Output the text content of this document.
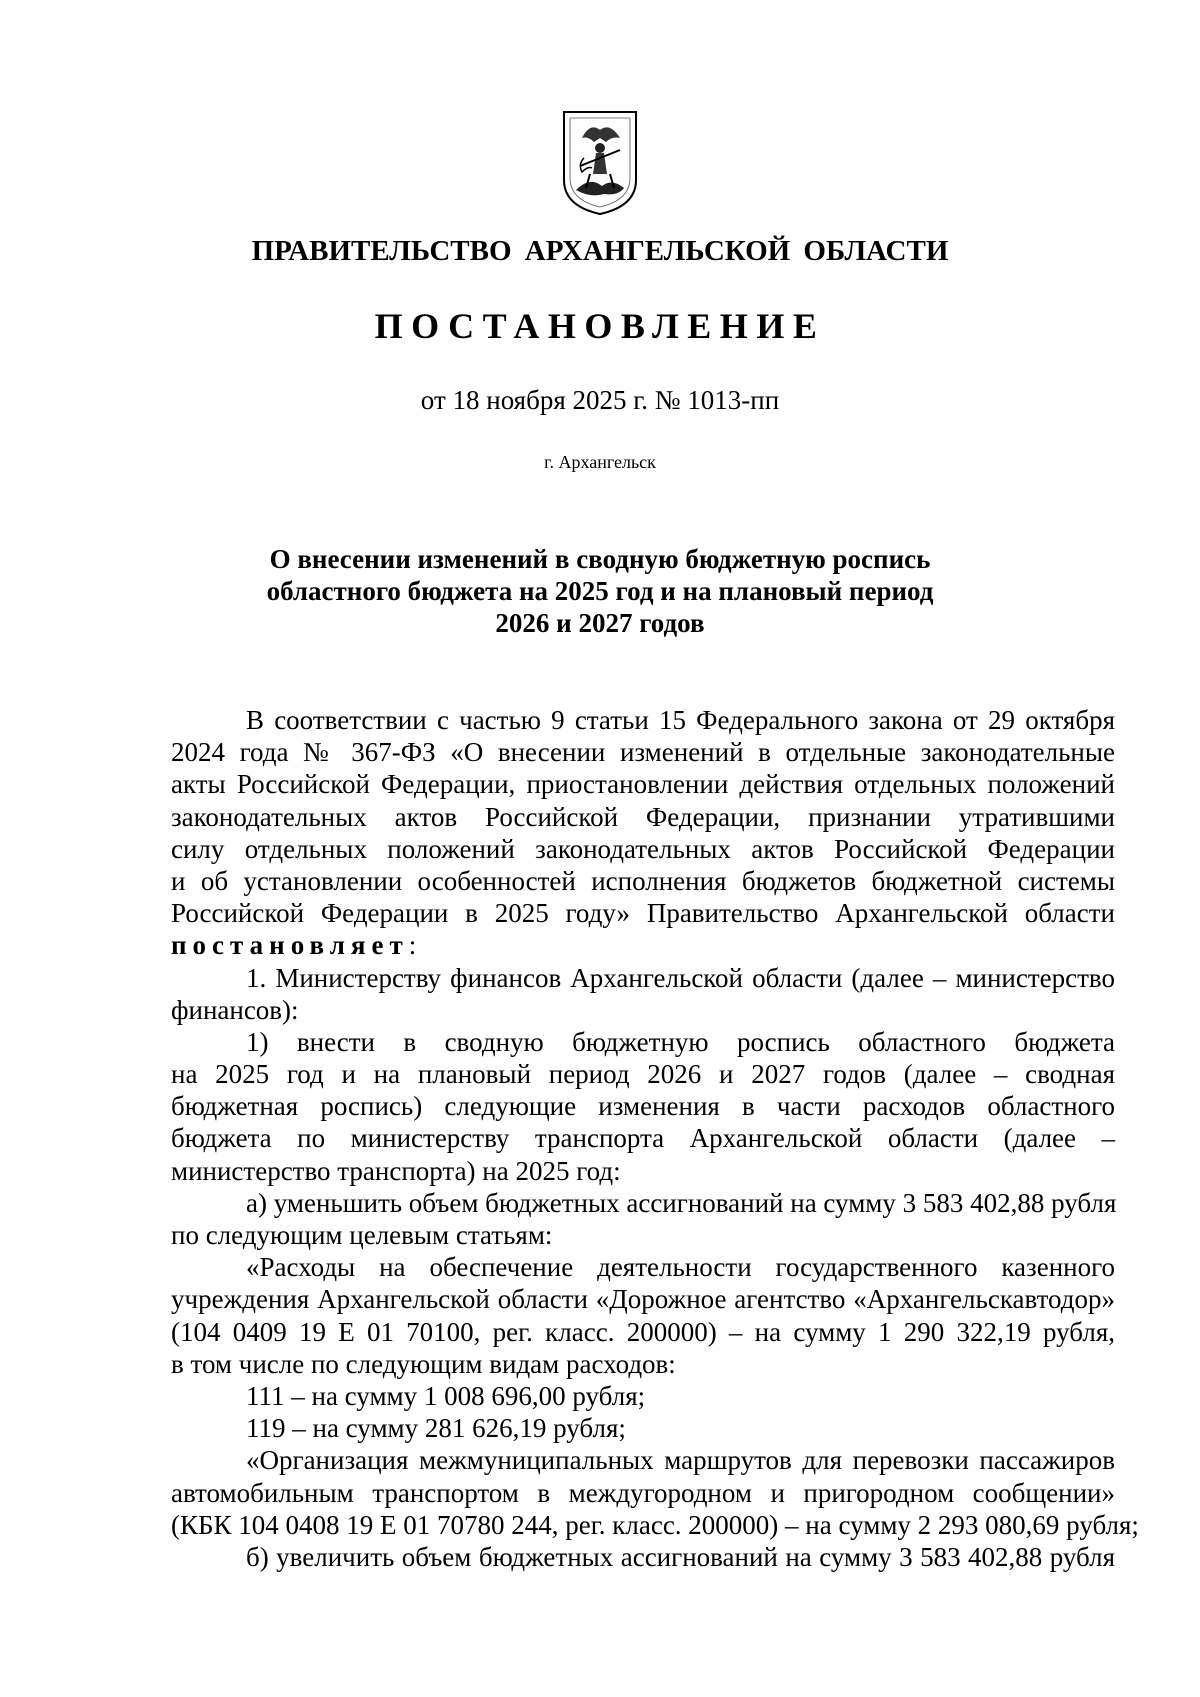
ПРАВИТЕЛЬСТВО АРХАНГЕЛЬСКОЙ ОБЛАСТИ
ПОСТАНОВЛЕНИЕ
от 18 ноября 2025 г. № 1013-пп
г. Архангельск
О внесении изменений в сводную бюджетную роспись
областного бюджета на 2025 год и на плановый период
2026 и 2027 годов
В соответствии с частью 9 статьи 15 Федерального закона от 29 октября
2024 года № 367-ФЗ «О внесении изменений в отдельные законодательные
акты Российской Федерации, приостановлении действия отдельных положений
законодательных актов Российской Федерации, признании утратившими
силу отдельных положений законодательных актов Российской Федерации
и об установлении особенностей исполнения бюджетов бюджетной системы
Российской Федерации в 2025 году» Правительство Архангельской области
постановляет:
1. Министерству финансов Архангельской области (далее – министерство
финансов):
1) внести в сводную бюджетную роспись областного бюджета
на 2025 год и на плановый период 2026 и 2027 годов (далее – сводная
бюджетная роспись) следующие изменения в части расходов областного
бюджета по министерству транспорта Архангельской области (далее –
министерство транспорта) на 2025 год:
а) уменьшить объем бюджетных ассигнований на сумму 3 583 402,88 рубля
по следующим целевым статьям:
«Расходы на обеспечение деятельности государственного казенного
учреждения Архангельской области «Дорожное агентство «Архангельскавтодор»
(104 0409 19 Е 01 70100, рег. класс. 200000) – на сумму 1 290 322,19 рубля,
в том числе по следующим видам расходов:
111 – на сумму 1 008 696,00 рубля;
119 – на сумму 281 626,19 рубля;
«Организация межмуниципальных маршрутов для перевозки пассажиров
автомобильным транспортом в междугородном и пригородном сообщении»
(КБК 104 0408 19 Е 01 70780 244, рег. класс. 200000) – на сумму 2 293 080,69 рубля;
б) увеличить объем бюджетных ассигнований на сумму 3 583 402,88 рубля
